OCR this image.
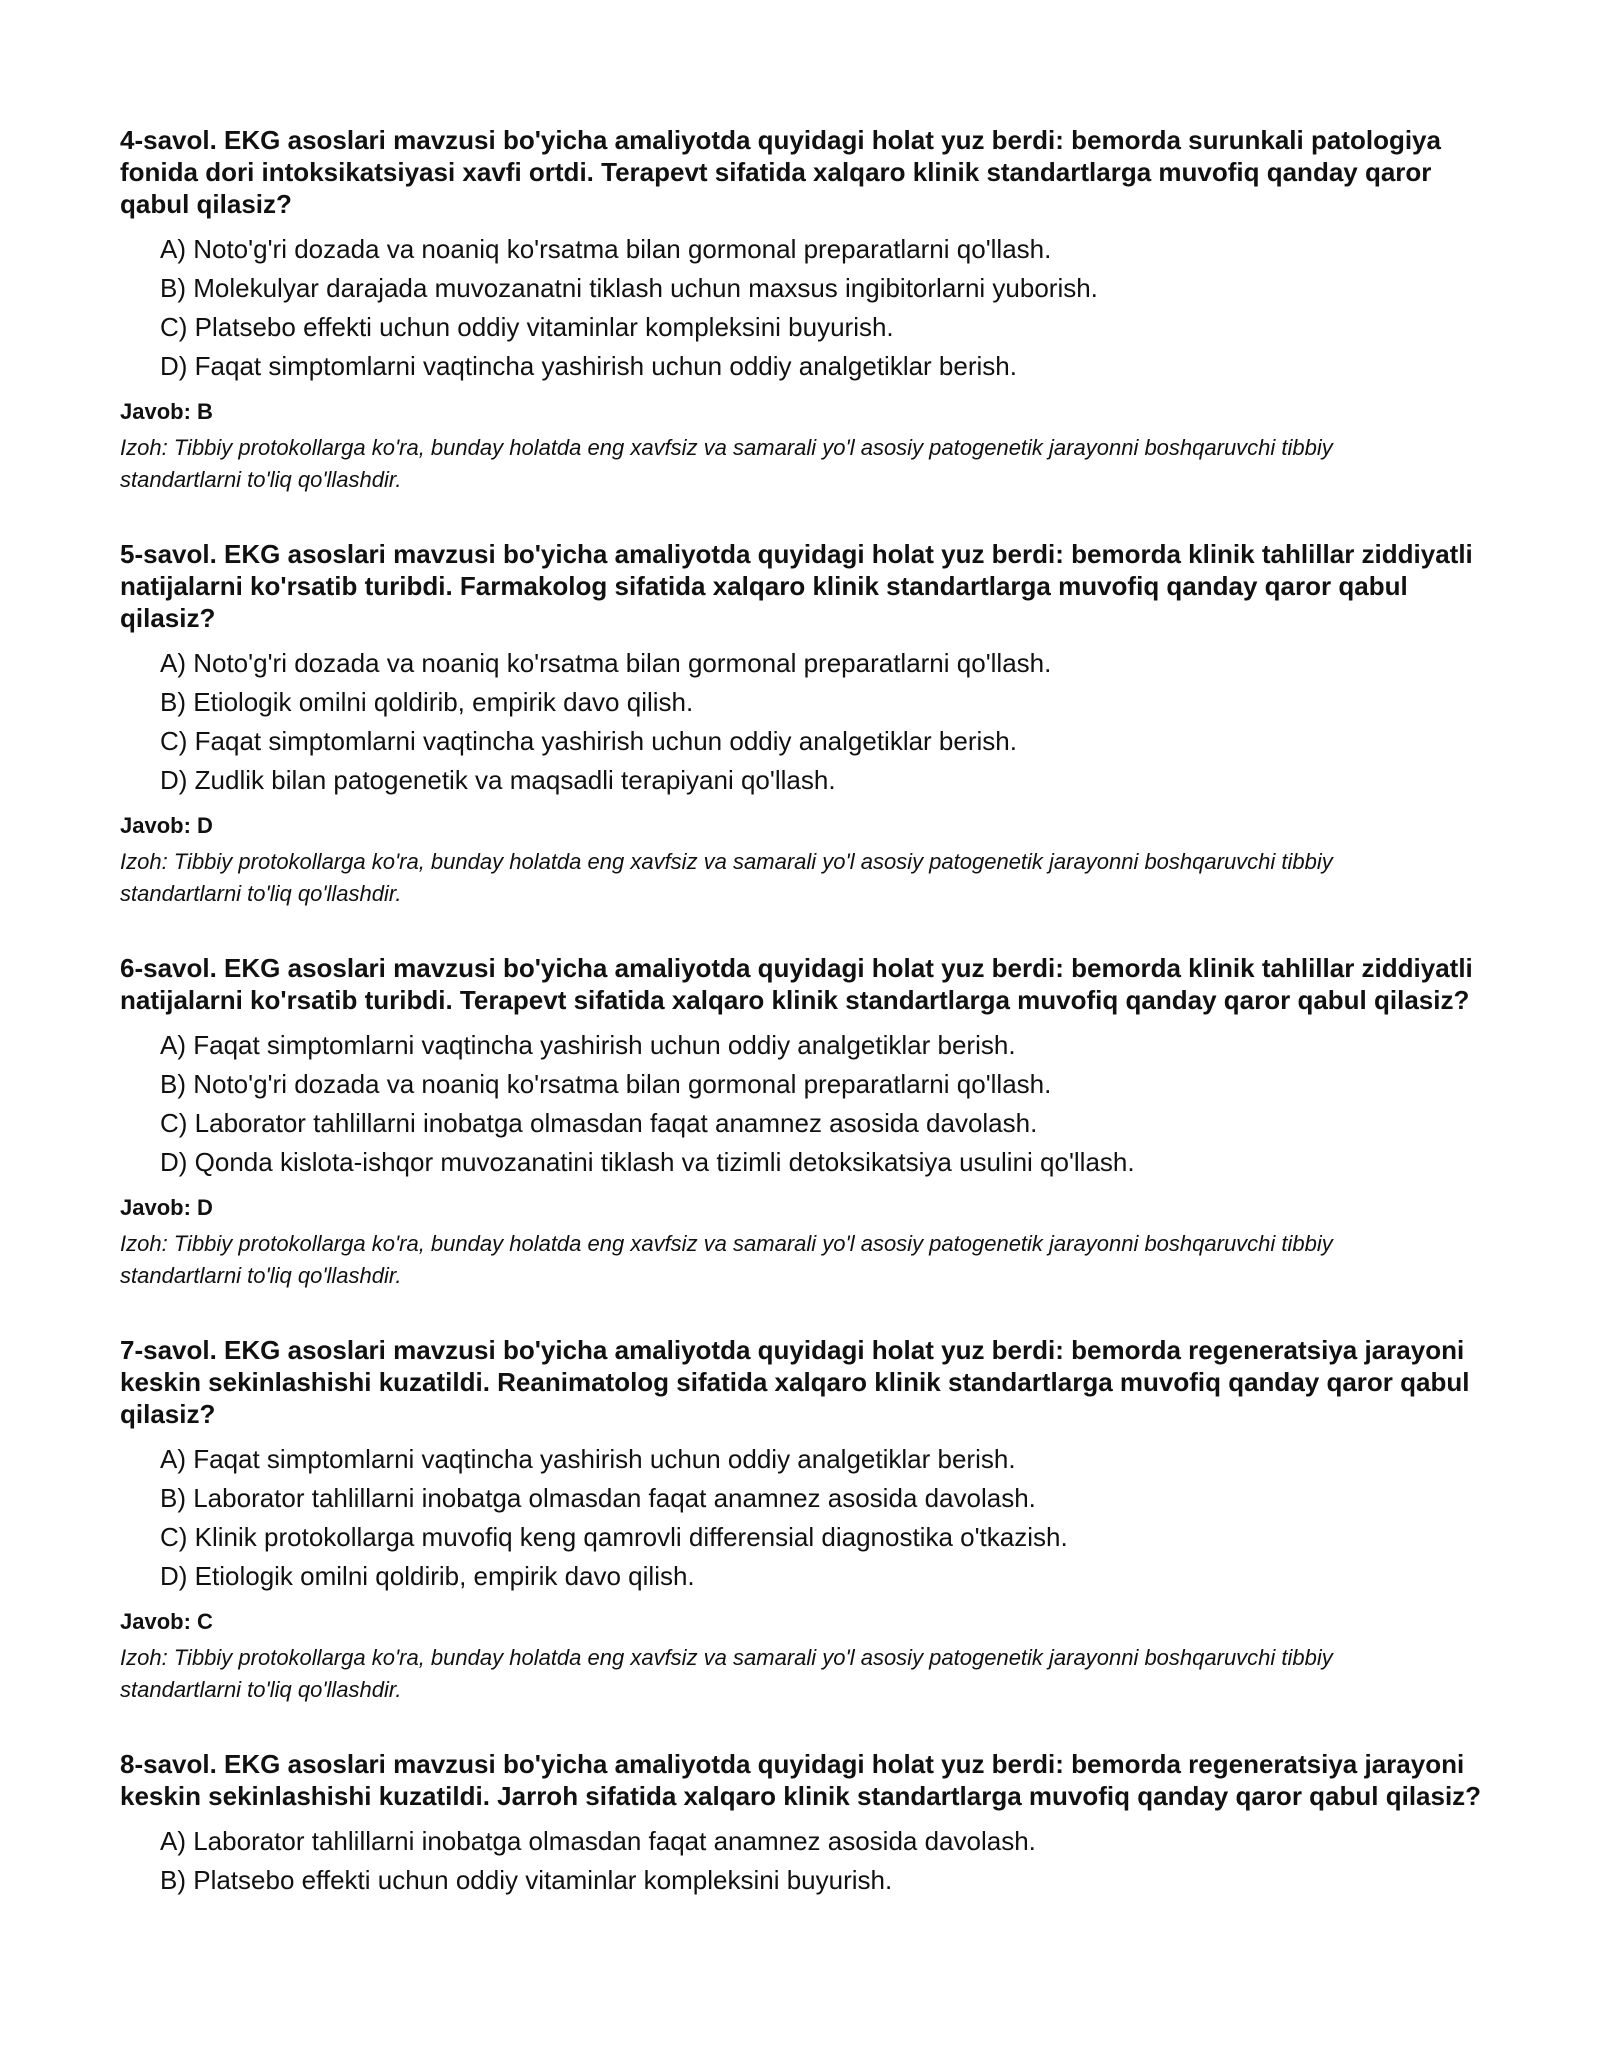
4-savol. EKG asoslari mavzusi bo'yicha amaliyotda quyidagi holat yuz berdi: bemorda surunkali patologiya fonida dori intoksikatsiyasi xavfi ortdi. Terapevt sifatida xalqaro klinik standartlarga muvofiq qanday qaror qabul qilasiz?

A) Noto'g'ri dozada va noaniq ko'rsatma bilan gormonal preparatlarni qo'llash.
B) Molekulyar darajada muvozanatni tiklash uchun maxsus ingibitorlarni yuborish.
C) Platsebo effekti uchun oddiy vitaminlar kompleksini buyurish.
D) Faqat simptomlarni vaqtincha yashirish uchun oddiy analgetiklar berish.

Javob: B

Izoh: Tibbiy protokollarga ko'ra, bunday holatda eng xavfsiz va samarali yo'l asosiy patogenetik jarayonni boshqaruvchi tibbiy standartlarni to'liq qo'llashdir.

5-savol. EKG asoslari mavzusi bo'yicha amaliyotda quyidagi holat yuz berdi: bemorda klinik tahlillar ziddiyatli natijalarni ko'rsatib turibdi. Farmakolog sifatida xalqaro klinik standartlarga muvofiq qanday qaror qabul qilasiz?

A) Noto'g'ri dozada va noaniq ko'rsatma bilan gormonal preparatlarni qo'llash.
B) Etiologik omilni qoldirib, empirik davo qilish.
C) Faqat simptomlarni vaqtincha yashirish uchun oddiy analgetiklar berish.
D) Zudlik bilan patogenetik va maqsadli terapiyani qo'llash.

Javob: D

Izoh: Tibbiy protokollarga ko'ra, bunday holatda eng xavfsiz va samarali yo'l asosiy patogenetik jarayonni boshqaruvchi tibbiy standartlarni to'liq qo'llashdir.

6-savol. EKG asoslari mavzusi bo'yicha amaliyotda quyidagi holat yuz berdi: bemorda klinik tahlillar ziddiyatli natijalarni ko'rsatib turibdi. Terapevt sifatida xalqaro klinik standartlarga muvofiq qanday qaror qabul qilasiz?

A) Faqat simptomlarni vaqtincha yashirish uchun oddiy analgetiklar berish.
B) Noto'g'ri dozada va noaniq ko'rsatma bilan gormonal preparatlarni qo'llash.
C) Laborator tahlillarni inobatga olmasdan faqat anamnez asosida davolash.
D) Qonda kislota-ishqor muvozanatini tiklash va tizimli detoksikatsiya usulini qo'llash.

Javob: D

Izoh: Tibbiy protokollarga ko'ra, bunday holatda eng xavfsiz va samarali yo'l asosiy patogenetik jarayonni boshqaruvchi tibbiy standartlarni to'liq qo'llashdir.

7-savol. EKG asoslari mavzusi bo'yicha amaliyotda quyidagi holat yuz berdi: bemorda regeneratsiya jarayoni keskin sekinlashishi kuzatildi. Reanimatolog sifatida xalqaro klinik standartlarga muvofiq qanday qaror qabul qilasiz?

A) Faqat simptomlarni vaqtincha yashirish uchun oddiy analgetiklar berish.
B) Laborator tahlillarni inobatga olmasdan faqat anamnez asosida davolash.
C) Klinik protokollarga muvofiq keng qamrovli differensial diagnostika o'tkazish.
D) Etiologik omilni qoldirib, empirik davo qilish.

Javob: C

Izoh: Tibbiy protokollarga ko'ra, bunday holatda eng xavfsiz va samarali yo'l asosiy patogenetik jarayonni boshqaruvchi tibbiy standartlarni to'liq qo'llashdir.

8-savol. EKG asoslari mavzusi bo'yicha amaliyotda quyidagi holat yuz berdi: bemorda regeneratsiya jarayoni keskin sekinlashishi kuzatildi. Jarroh sifatida xalqaro klinik standartlarga muvofiq qanday qaror qabul qilasiz?

A) Laborator tahlillarni inobatga olmasdan faqat anamnez asosida davolash.
B) Platsebo effekti uchun oddiy vitaminlar kompleksini buyurish.
